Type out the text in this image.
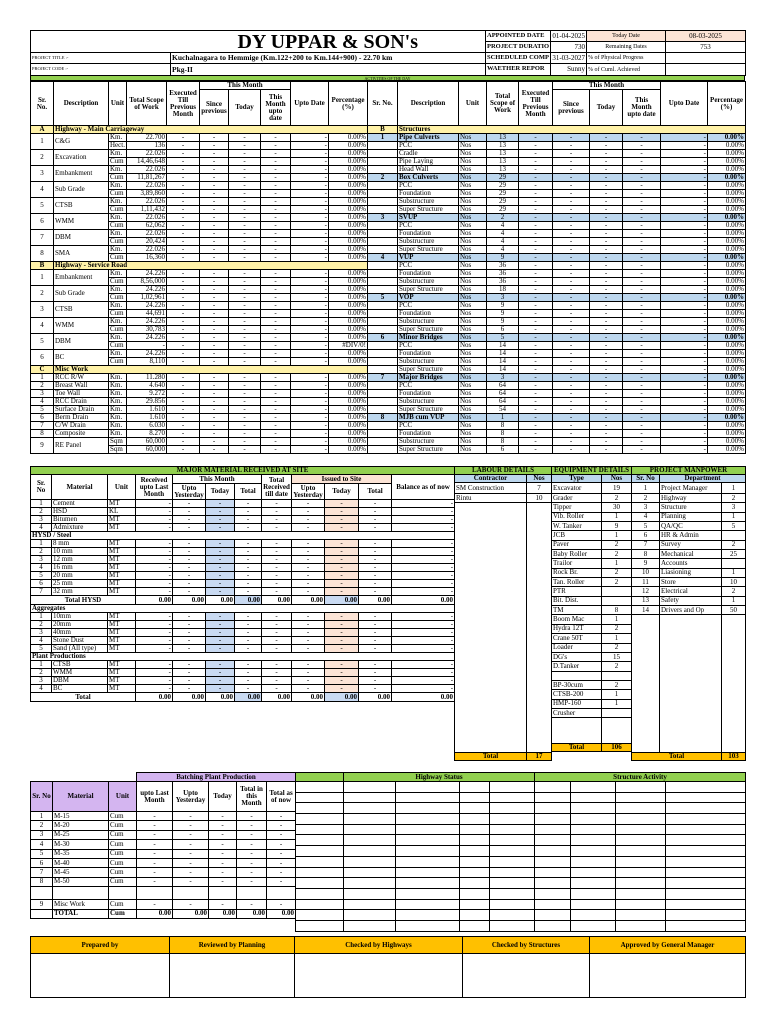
	DY UPPAR & SON's	APPOINTED DATE	01-04-2025	Today Date	08-03-2025
		PROJECT DURATIO	730	Remaining Dates	753
PROJECT TITLE :-	Kuchalnagara to Hemmige (Km.122+200 to Km.144+900) - 22.70 km	SCHEDULED COMP	31-03-2027	% of Physical Progress	
PROJECT CODE :-	Pkg-II	WAETHER REPOR	Sunny	% of Cuml. Achieved	
ACTIVITIES OF THE DAY
Sr. No.	Description	Unit	Total Scope of Work	Executed Till Previous Month	This Month			Upto Date	Percentage (%)
					Since previous	Today	This Month upto date		
A	Highway - Main Carriageway								
1	C&G	Km.	22.700	-	-	-	-	-	0.00%
		Hect.	136	-	-	-	-	-	0.00%
2	Excavation	Km.	22.026	-	-	-	-	-	0.00%
		Cum	14,46,648	-	-	-	-	-	0.00%
3	Embankment	Km.	22.026	-	-	-	-	-	0.00%
		Cum	11,81,267	-	-	-	-	-	0.00%
4	Sub Grade	Km.	22.026	-	-	-	-	-	0.00%
		Cum	3,89,860	-	-	-	-	-	0.00%
5	CTSB	Km.	22.026	-	-	-	-	-	0.00%
		Cum	1,11,432	-	-	-	-	-	0.00%
6	WMM	Km.	22.026	-	-	-	-	-	0.00%
		Cum	62,062	-	-	-	-	-	0.00%
7	DBM	Km.	22.026	-	-	-	-	-	0.00%
		Cum	20,424	-	-	-	-	-	0.00%
8	SMA	Km.	22.026	-	-	-	-	-	0.00%
		Cum	16,360	-	-	-	-	-	0.00%
B	Highway - Service Road								
1	Embankment	Km.	24.226	-	-	-	-	-	0.00%
		Cum	8,56,000	-	-	-	-	-	0.00%
2	Sub Grade	Km.	24.226	-	-	-	-	-	0.00%
		Cum	1,02,961	-	-	-	-	-	0.00%
3	CTSB	Km.	24.226	-	-	-	-	-	0.00%
		Cum	44,691	-	-	-	-	-	0.00%
4	WMM	Km.	24.226	-	-	-	-	-	0.00%
		Cum	30,783	-	-	-	-	-	0.00%
5	DBM	Km.	24.226	-	-	-	-	-	0.00%
		Cum	-	-	-	-	-	-	#DIV/0!
6	BC	Km.	24.226	-	-	-	-	-	0.00%
		Cum	8,110	-	-	-	-	-	0.00%
C	Misc Work								
1	RCC R/W	Km.	11.280	-	-	-	-	-	0.00%
2	Breast Wall	Km.	4.640	-	-	-	-	-	0.00%
3	Toe Wall	Km.	9.272	-	-	-	-	-	0.00%
4	RCC Drain	Km.	29.856	-	-	-	-	-	0.00%
5	Surface Drain	Km.	1.610	-	-	-	-	-	0.00%
6	Berm Drain	Km.	1.610	-	-	-	-	-	0.00%
7	C/W Drain	Km.	6.030	-	-	-	-	-	0.00%
8	Composite	Km.	8.270	-	-	-	-	-	0.00%
9	RE Panel	Sqm	60,000	-	-	-	-	-	0.00%
		Sqm	60,000	-	-	-	-	-	0.00%
Sr. No.	Description	Unit	Total Scope of Work	Executed Till Previous Month	This Month			Upto Date	Percentage (%)
					Since previous	Today	This Month upto date		
B	Structures								
1	Pipe Culverts	Nos	13	-	-	-	-	-	0.00%
	PCC	Nos	13	-	-	-	-	-	0.00%
	Cradle	Nos	13	-	-	-	-	-	0.00%
	Pipe Laying	Nos	13	-	-	-	-	-	0.00%
	Head Wall	Nos	13	-	-	-	-	-	0.00%
2	Box Culverts	Nos	29	-	-	-	-	-	0.00%
	PCC	Nos	29	-	-	-	-	-	0.00%
	Foundation	Nos	29	-	-	-	-	-	0.00%
	Substructure	Nos	29	-	-	-	-	-	0.00%
	Super Structure	Nos	29	-	-	-	-	-	0.00%
3	SVUP	Nos	2	-	-	-	-	-	0.00%
	PCC	Nos	4	-	-	-	-	-	0.00%
	Foundation	Nos	4	-	-	-	-	-	0.00%
	Substructure	Nos	4	-	-	-	-	-	0.00%
	Super Structure	Nos	4	-	-	-	-	-	0.00%
4	VUP	Nos	9	-	-	-	-	-	0.00%
	PCC	Nos	36	-	-	-	-	-	0.00%
	Foundation	Nos	36	-	-	-	-	-	0.00%
	Substructure	Nos	36	-	-	-	-	-	0.00%
	Super Structure	Nos	18	-	-	-	-	-	0.00%
5	VOP	Nos	3	-	-	-	-	-	0.00%
	PCC	Nos	9	-	-	-	-	-	0.00%
	Foundation	Nos	9	-	-	-	-	-	0.00%
	Substructure	Nos	9	-	-	-	-	-	0.00%
	Super Structure	Nos	6	-	-	-	-	-	0.00%
6	Minor Bridges	Nos	5	-	-	-	-	-	0.00%
	PCC	Nos	14	-	-	-	-	-	0.00%
	Foundation	Nos	14	-	-	-	-	-	0.00%
	Substructure	Nos	14	-	-	-	-	-	0.00%
	Super Structure	Nos	14	-	-	-	-	-	0.00%
7	Major Bridges	Nos	3	-	-	-	-	-	0.00%
	PCC	Nos	64	-	-	-	-	-	0.00%
	Foundation	Nos	64	-	-	-	-	-	0.00%
	Substructure	Nos	64	-	-	-	-	-	0.00%
	Super Structure	Nos	54	-	-	-	-	-	0.00%
8	MJB cum VUP	Nos	1	-	-	-	-	-	0.00%
	PCC	Nos	8	-	-	-	-	-	0.00%
	Foundation	Nos	8	-	-	-	-	-	0.00%
	Substructure	Nos	8	-	-	-	-	-	0.00%
	Super Structure	Nos	6	-	-	-	-	-	0.00%
MAJOR MATERIAL RECEIVED AT SITE											
Sr. No	Material	Unit	Received upto Last Month	This Month			Total Received till date	Issued to Site			Balance as of now
				Upto Yesterday	Today	Total		Upto Yesterday	Today	Total	
1	Cement	MT	-	-	-	-	-	-	-	-	-
2	HSD	KL	-	-	-	-	-	-	-	-	-
3	Bitumen	MT	-	-	-	-	-	-	-	-	-
4	Admixture	MT	-	-	-	-	-	-	-	-	-
HYSD / Steel											
1	8 mm	MT	-	-	-	-	-	-	-	-	-
2	10 mm	MT	-	-	-	-	-	-	-	-	-
3	12 mm	MT	-	-	-	-	-	-	-	-	-
4	16 mm	MT	-	-	-	-	-	-	-	-	-
5	20 mm	MT	-	-	-	-	-	-	-	-	-
6	25 mm	MT	-	-	-	-	-	-	-	-	-
7	32 mm	MT	-	-	-	-	-	-	-	-	-
Total HYSD			0.00	0.00	0.00	0.00	0.00	0.00	0.00	0.00	0.00
Aggregates											
1	10mm	MT	-	-	-	-	-	-	-	-	-
2	20mm	MT	-	-	-	-	-	-	-	-	-
3	40mm	MT	-	-	-	-	-	-	-	-	-
4	Stone Dust	MT	-	-	-	-	-	-	-	-	-
5	Sand (All type)	MT	-	-	-	-	-	-	-	-	-
Plant Productions											
1	CTSB	MT	-	-	-	-	-	-	-	-	-
2	WMM	MT	-	-	-	-	-	-	-	-	-
3	DBM	MT	-	-	-	-	-	-	-	-	-
4	BC	MT	-	-	-	-	-	-	-	-	-
Total			0.00	0.00	0.00	0.00	0.00	0.00	0.00	0.00	0.00
LABOUR DETAILS	
Contractor	Nos
SM Construction	7
Rintu	10

Total	17
EQUIPMENT DETAILS	
Type	Nos
Excavator	19
Grader	2
Tipper	30
Vib. Roller	1
W. Tanker	9
JCB	1
Paver	2
Baby Roller	2
Trailor	1
Rock Br.	2
Tan. Roller	2
PTR	
Bit. Dist.	
TM	8
Boom Mac	1
Hydra 12T	2
Crane 50T	1
Loader	2
DG's	15
D.Tanker	2

BP-30cum	2
CTSB-200	1
HMP-160	1
Crusher	

Total	106
PROJECT MANPOWER		
Sr. No	Department	
1	Project Manager	1
2	Highway	2
3	Structure	3
4	Planning	1
5	QA/QC	5
6	HR & Admin	
7	Survey	2
8	Mechanical	25
9	Accounts	
10	Liasioning	1
11	Store	10
12	Electrical	2
13	Safety	1
14	Drivers and Op	50

Total		103
			Batching Plant Production				
Sr. No	Material	Unit	upto Last Month	Upto Yesterday	Today	Total in this Month	Total as of now
1	M-15	Cum	-	-	-	-	-
2	M-20	Cum	-	-	-	-	-
3	M-25	Cum	-	-	-	-	-
4	M-30	Cum	-	-	-	-	-
5	M-35	Cum	-	-	-	-	-
6	M-40	Cum	-	-	-	-	-
7	M-45	Cum	-	-	-	-	-
8	M-50	Cum	-	-	-	-	-

9	Misc Work	Cum	-	-	-	-	-
	TOTAL	Cum	0.00	0.00	0.00	0.00	0.00
	Highway Status				Structure Activity			

Prepared by	Reviewed by Planning	Checked by Highways	Checked by Structures	Approved by General Manager
